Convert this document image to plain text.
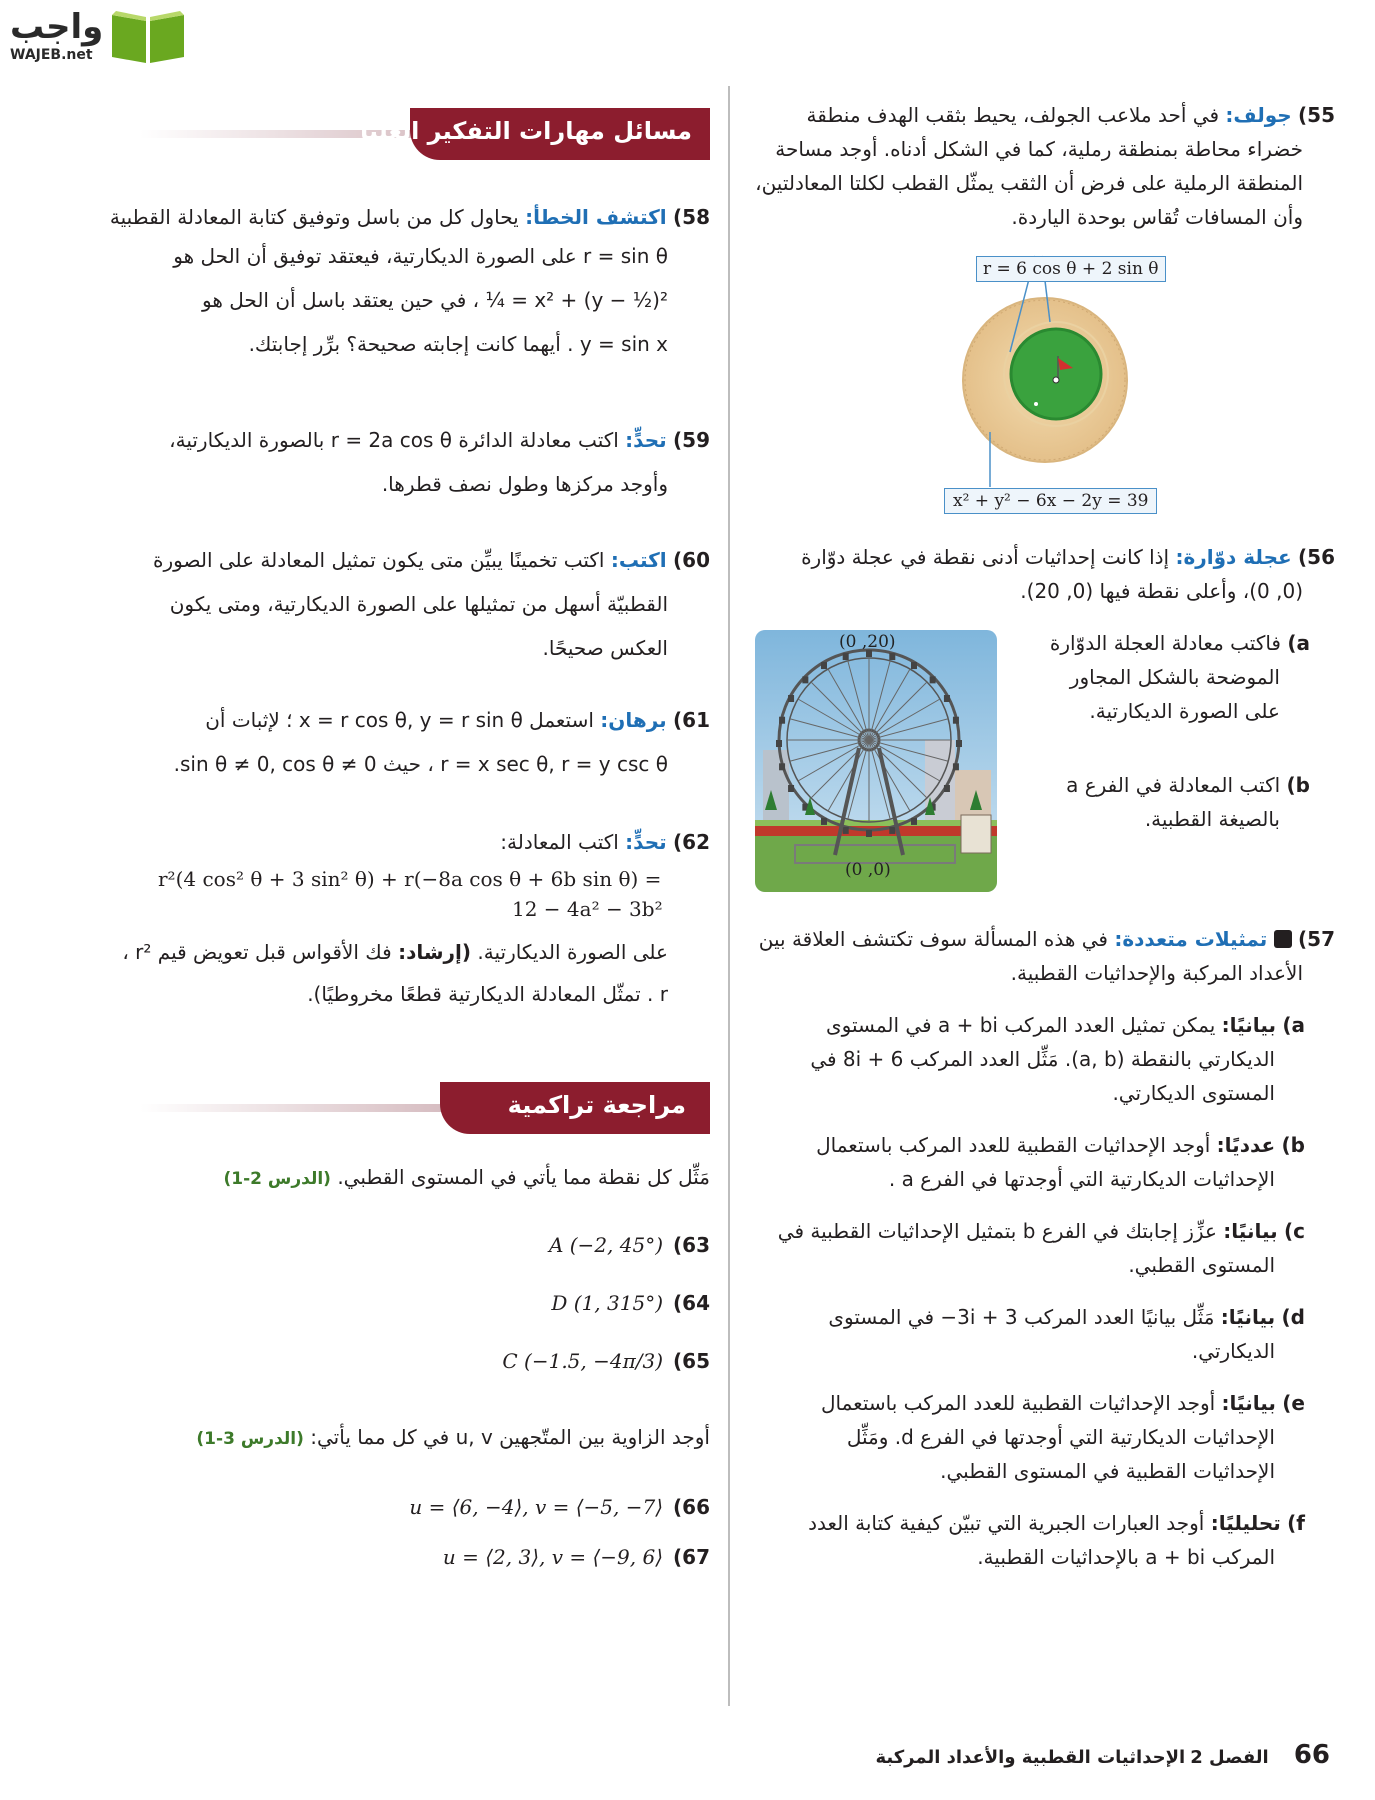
واجب
WAJEB.net
55) جولف: في أحد ملاعب الجولف، يحيط بثقب الهدف منطقة
خضراء محاطة بمنطقة رملية، كما في الشكل أدناه. أوجد مساحة
المنطقة الرملية على فرض أن الثقب يمثّل القطب لكلتا المعادلتين،
وأن المسافات تُقاس بوحدة الياردة.
r = 6 cos θ + 2 sin θ
x² + y² − 6x − 2y = 39
56) عجلة دوّارة: إذا كانت إحداثيات أدنى نقطة في عجلة دوّارة
(0, 0)، وأعلى نقطة فيها (0, 20).
a) فاكتب معادلة العجلة الدوّارة
الموضحة بالشكل المجاور
على الصورة الديكارتية.
b) اكتب المعادلة في الفرع a
بالصيغة القطبية.
(0 ,20)
(0 ,0)
57)  تمثيلات متعددة: في هذه المسألة سوف تكتشف العلاقة بين
الأعداد المركبة والإحداثيات القطبية.
a) بيانيًا: يمكن تمثيل العدد المركب a + bi في المستوى
الديكارتي بالنقطة (a, b). مَثِّل العدد المركب 6 + 8i في
المستوى الديكارتي.
b) عدديًا: أوجد الإحداثيات القطبية للعدد المركب باستعمال
الإحداثيات الديكارتية التي أوجدتها في الفرع a .
c) بيانيًا: عزِّز إجابتك في الفرع b بتمثيل الإحداثيات القطبية في
المستوى القطبي.
d) بيانيًا: مَثِّل بيانيًا العدد المركب 3i + 3− في المستوى
الديكارتي.
e) بيانيًا: أوجد الإحداثيات القطبية للعدد المركب باستعمال
الإحداثيات الديكارتية التي أوجدتها في الفرع d. ومَثِّل
الإحداثيات القطبية في المستوى القطبي.
f) تحليليًا: أوجد العبارات الجبرية التي تبيّن كيفية كتابة العدد
المركب a + bi بالإحداثيات القطبية.
مسائل مهارات التفكير العليا
58) اكتشف الخطأ: يحاول كل من باسل وتوفيق كتابة المعادلة القطبية
r = sin θ على الصورة الديكارتية، فيعتقد توفيق أن الحل هو
x² + (y − ½)² = ¼ ، في حين يعتقد باسل أن الحل هو
y = sin x . أيهما كانت إجابته صحيحة؟ برِّر إجابتك.
59) تحدٍّ: اكتب معادلة الدائرة r = 2a cos θ بالصورة الديكارتية،
وأوجد مركزها وطول نصف قطرها.
60) اكتب: اكتب تخمينًا يبيِّن متى يكون تمثيل المعادلة على الصورة
القطبيّة أسهل من تمثيلها على الصورة الديكارتية، ومتى يكون
العكس صحيحًا.
61) برهان: استعمل x = r cos θ, y = r sin θ ؛ لإثبات أن
r = x sec θ, r = y csc θ ، حيث sin θ ≠ 0, cos θ ≠ 0.
62) تحدٍّ: اكتب المعادلة:
r²(4 cos² θ + 3 sin² θ) + r(−8a cos θ + 6b sin θ) =
12 − 4a² − 3b²
على الصورة الديكارتية. (إرشاد: فك الأقواس قبل تعويض قيم r² ،
r . تمثّل المعادلة الديكارتية قطعًا مخروطيًا).
مراجعة تراكمية
مَثِّل كل نقطة مما يأتي في المستوى القطبي. (الدرس 2-1)
63)A (−2, 45°)
64)D (1, 315°)
65)C (−1.5, −4π/3)
أوجد الزاوية بين المتّجهين u, v في كل مما يأتي: (الدرس 3-1)
66)u = ⟨6, −4⟩, v = ⟨−5, −7⟩
67)u = ⟨2, 3⟩, v = ⟨−9, 6⟩
66 الفصل 2 الإحداثيات القطبية والأعداد المركبة
